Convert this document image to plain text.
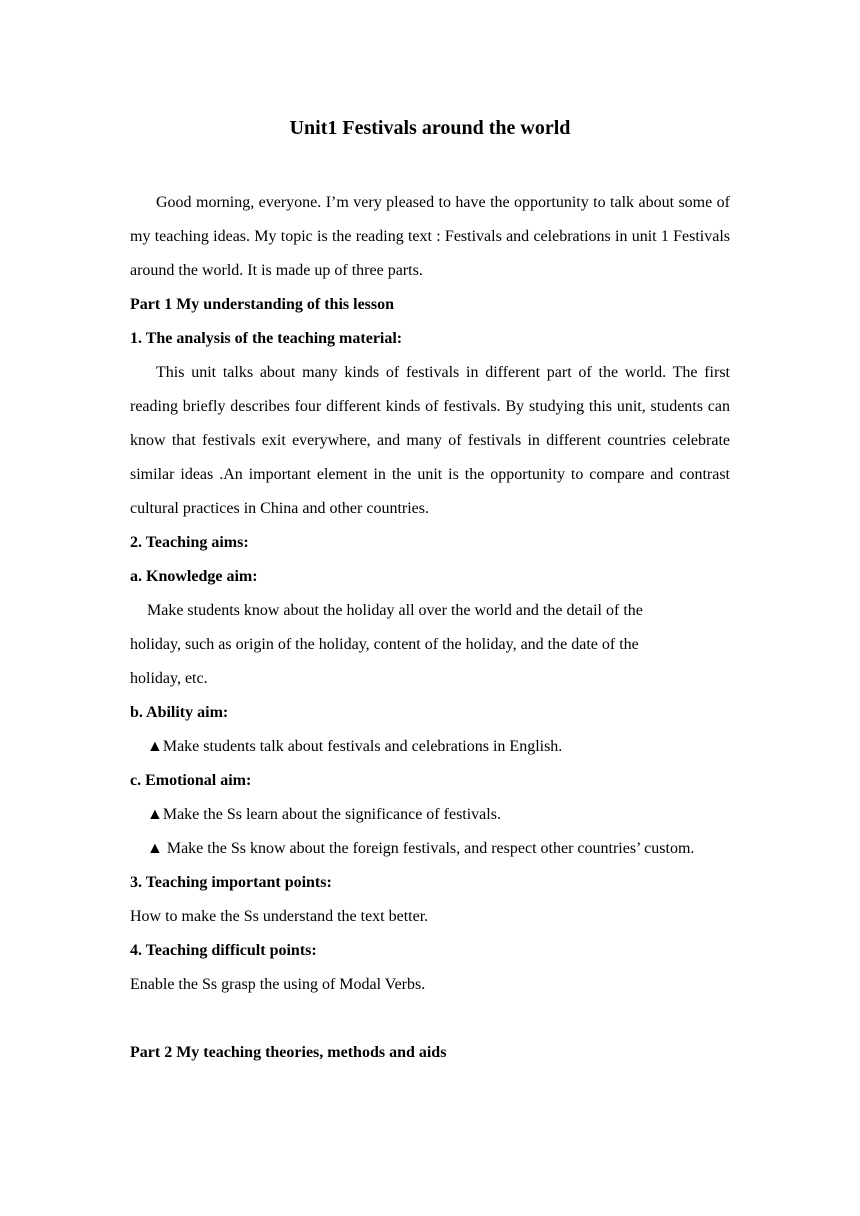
Unit1 Festivals around the world

Good morning, everyone. I’m very pleased to have the opportunity to talk about some of my teaching ideas. My topic is the reading text : Festivals and celebrations in unit 1 Festivals around the world. It is made up of three parts.

Part 1 My understanding of this lesson

1. The analysis of the teaching material:

This unit talks about many kinds of festivals in different part of the world. The first reading briefly describes four different kinds of festivals. By studying this unit, students can know that festivals exit everywhere, and many of festivals in different countries celebrate similar ideas .An important element in the unit is the opportunity to compare and contrast cultural practices in China and other countries.

2. Teaching aims:

a. Knowledge aim:

Make students know about the holiday all over the world and the detail of the

holiday, such as origin of the holiday, content of the holiday, and the date of the

holiday, etc.

b. Ability aim:

▲Make students talk about festivals and celebrations in English.

c. Emotional aim:

▲Make the Ss learn about the significance of festivals.

▲ Make the Ss know about the foreign festivals, and respect other countries’ custom.

3. Teaching important points:

How to make the Ss understand the text better.

4. Teaching difficult points:

Enable the Ss grasp the using of Modal Verbs.

Part 2 My teaching theories, methods and aids
